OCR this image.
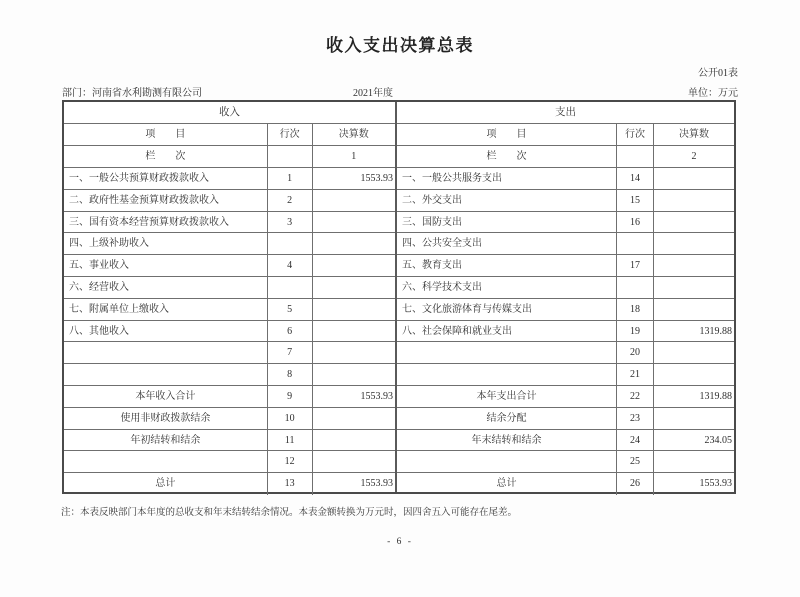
收入支出决算总表
公开01表
部门：河南省水利勘测有限公司	2021年度	单位：万元
收入
项　　目	行次	决算数
栏　　次	1
一、一般公共预算财政拨款收入	1	1553.93
二、政府性基金预算财政拨款收入	2
三、国有资本经营预算财政拨款收入	3
四、上级补助收入
五、事业收入	4
六、经营收入
七、附属单位上缴收入	5
八、其他收入	6
7
8
本年收入合计	9	1553.93
使用非财政拨款结余	10
年初结转和结余	11
12
总计	13	1553.93
支出
项　　目	行次	决算数
栏　　次	2
一、一般公共服务支出	14
二、外交支出	15
三、国防支出	16
四、公共安全支出
五、教育支出	17
六、科学技术支出
七、文化旅游体育与传媒支出	18
八、社会保障和就业支出	19	1319.88
20
21
本年支出合计	22	1319.88
结余分配	23
年末结转和结余	24	234.05
25
总计	26	1553.93
注：本表反映部门本年度的总收支和年末结转结余情况。本表金额转换为万元时，因四舍五入可能存在尾差。
- 6 -
